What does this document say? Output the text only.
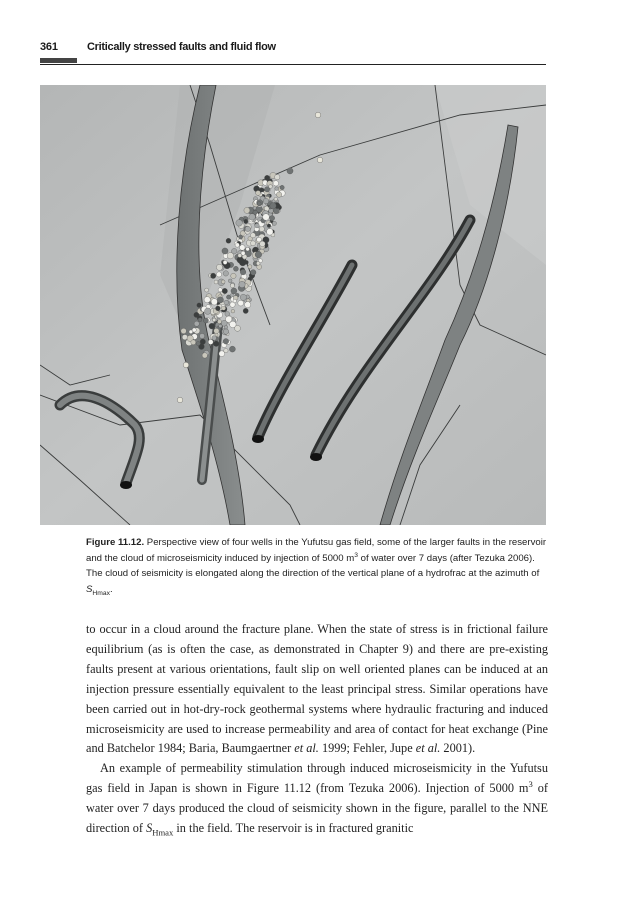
361	Critically stressed faults and fluid flow
Figure 11.12. Perspective view of four wells in the Yufutsu gas field, some of the larger faults in the reservoir and the cloud of microseismicity induced by injection of 5000 $m^3$ of water over 7 days (after Tezuka 2006). The cloud of seismicity is elongated along the direction of the vertical plane of a hydrofrac at the azimuth of $S_{Hmax}$.

to occur in a cloud around the fracture plane. When the state of stress is in frictional failure equilibrium (as is often the case, as demonstrated in Chapter 9) and there are pre-existing faults present at various orientations, fault slip on well oriented planes can be induced at an injection pressure essentially equivalent to the least principal stress. Similar operations have been carried out in hot-dry-rock geothermal systems where hydraulic fracturing and induced microseismicity are used to increase permeability and area of contact for heat exchange (Pine and Batchelor 1984; Baria, Baumgaertner et al. 1999; Fehler, Jupe et al. 2001).

An example of permeability stimulation through induced microseismicity in the Yufutsu gas field in Japan is shown in Figure 11.12 (from Tezuka 2006). Injection of 5000 $m^3$ of water over 7 days produced the cloud of seismicity shown in the figure, parallel to the NNE direction of $S_{Hmax}$ in the field. The reservoir is in fractured granitic
